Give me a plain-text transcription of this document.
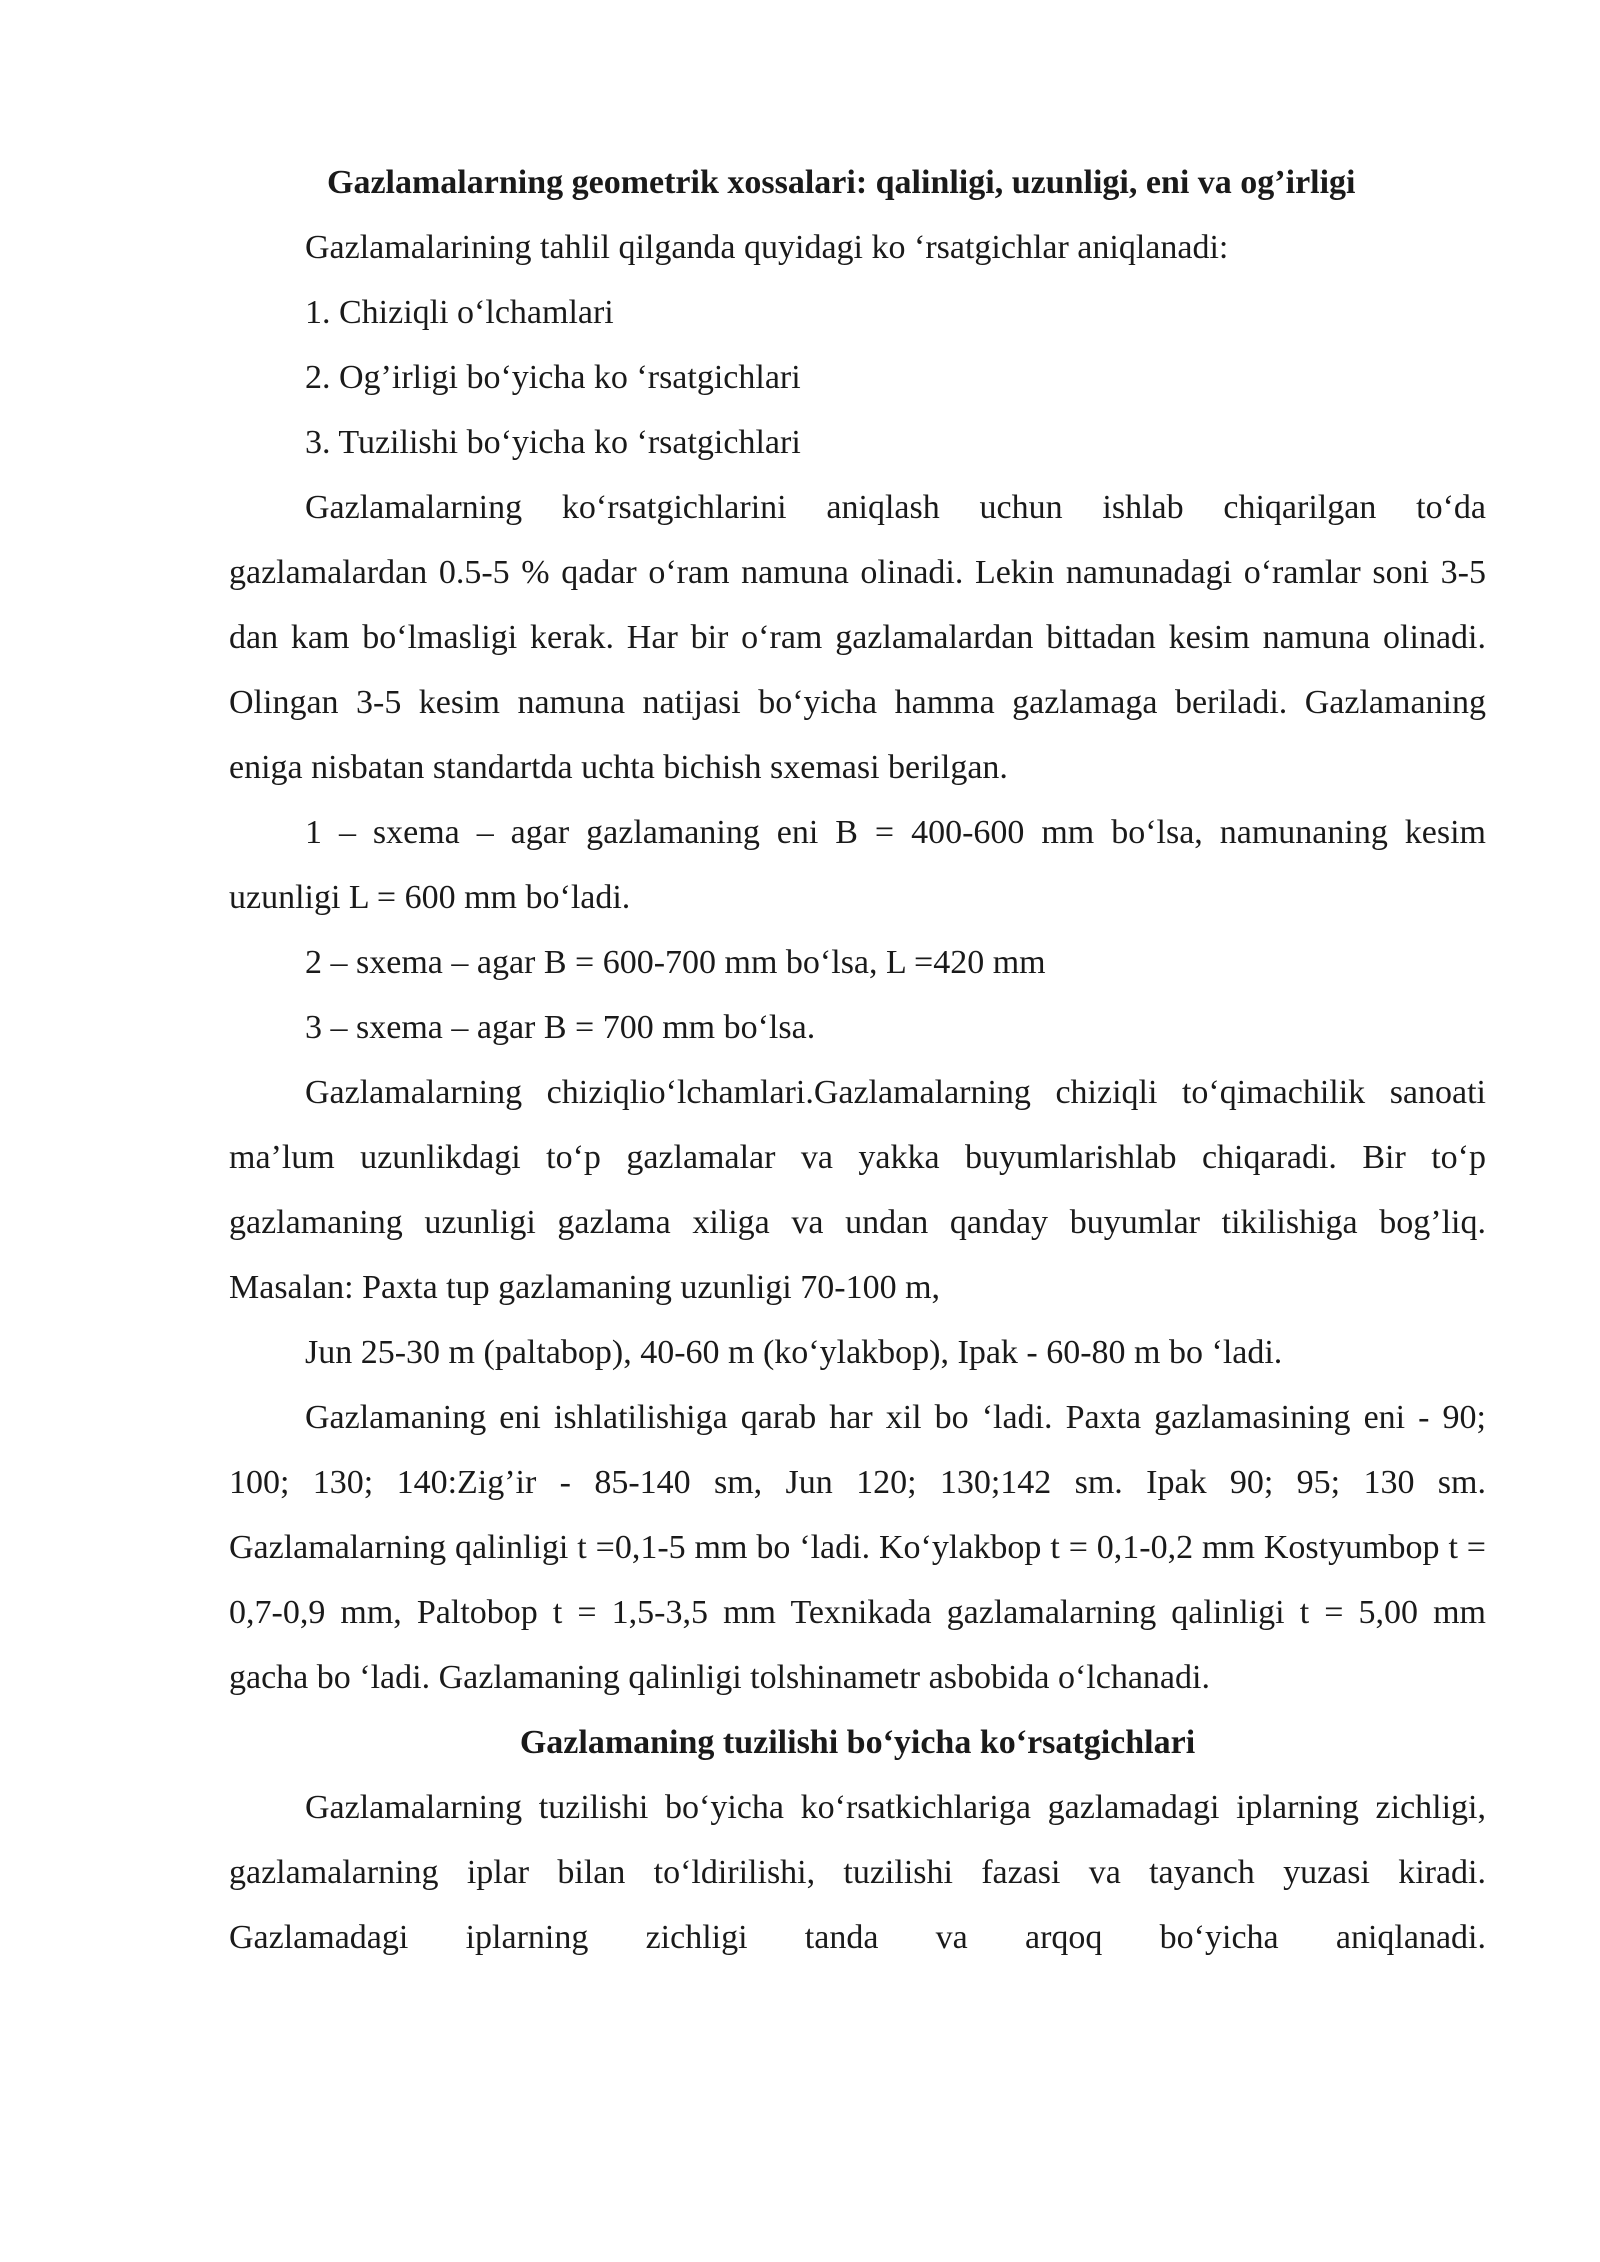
Gazlamalarning geometrik xossalari: qalinligi, uzunligi, eni va og’irligi

Gazlamalarining tahlil qilganda quyidagi ko ‘rsatgichlar aniqlanadi:

1. Chiziqli o‘lchamlari

2. Og’irligi bo‘yicha ko ‘rsatgichlari

3. Tuzilishi bo‘yicha ko ‘rsatgichlari

Gazlamalarning ko‘rsatgichlarini aniqlash uchun ishlab chiqarilgan to‘da gazlamalardan 0.5-5 % qadar o‘ram namuna olinadi. Lekin namunadagi o‘ramlar soni 3-5 dan kam bo‘lmasligi kerak. Har bir o‘ram gazlamalardan bittadan kesim namuna olinadi. Olingan 3-5 kesim namuna natijasi bo‘yicha hamma gazlamaga beriladi. Gazlamaning eniga nisbatan standartda uchta bichish sxemasi berilgan.

1 – sxema – agar gazlamaning eni B = 400-600 mm bo‘lsa, namunaning kesim uzunligi L = 600 mm bo‘ladi.

2 – sxema – agar B = 600-700 mm bo‘lsa, L =420 mm

3 – sxema – agar B = 700 mm bo‘lsa.

Gazlamalarning chiziqlio‘lchamlari.Gazlamalarning chiziqli to‘qimachilik sanoati ma’lum uzunlikdagi to‘p gazlamalar va yakka buyumlarishlab chiqaradi. Bir to‘p gazlamaning uzunligi gazlama xiliga va undan qanday buyumlar tikilishiga bog’liq. Masalan: Paxta tup gazlamaning uzunligi 70-100 m,

Jun 25-30 m (paltabop), 40-60 m (ko‘ylakbop), Ipak - 60-80 m bo ‘ladi.

Gazlamaning eni ishlatilishiga qarab har xil bo ‘ladi. Paxta gazlamasining eni - 90; 100; 130; 140:Zig’ir - 85-140 sm, Jun 120; 130;142 sm. Ipak 90; 95; 130 sm. Gazlamalarning qalinligi t =0,1-5 mm bo ‘ladi. Ko‘ylakbop t = 0,1-0,2 mm Kostyumbop t = 0,7-0,9 mm, Paltobop t = 1,5-3,5 mm Texnikada gazlamalarning qalinligi t = 5,00 mm gacha bo ‘ladi. Gazlamaning qalinligi tolshinametr asbobida o‘lchanadi.

Gazlamaning tuzilishi bo‘yicha ko‘rsatgichlari

Gazlamalarning tuzilishi bo‘yicha ko‘rsatkichlariga gazlamadagi iplarning zichligi, gazlamalarning iplar bilan to‘ldirilishi, tuzilishi fazasi va tayanch yuzasi kiradi. Gazlamadagi iplarning zichligi tanda va arqoq bo‘yicha aniqlanadi.
